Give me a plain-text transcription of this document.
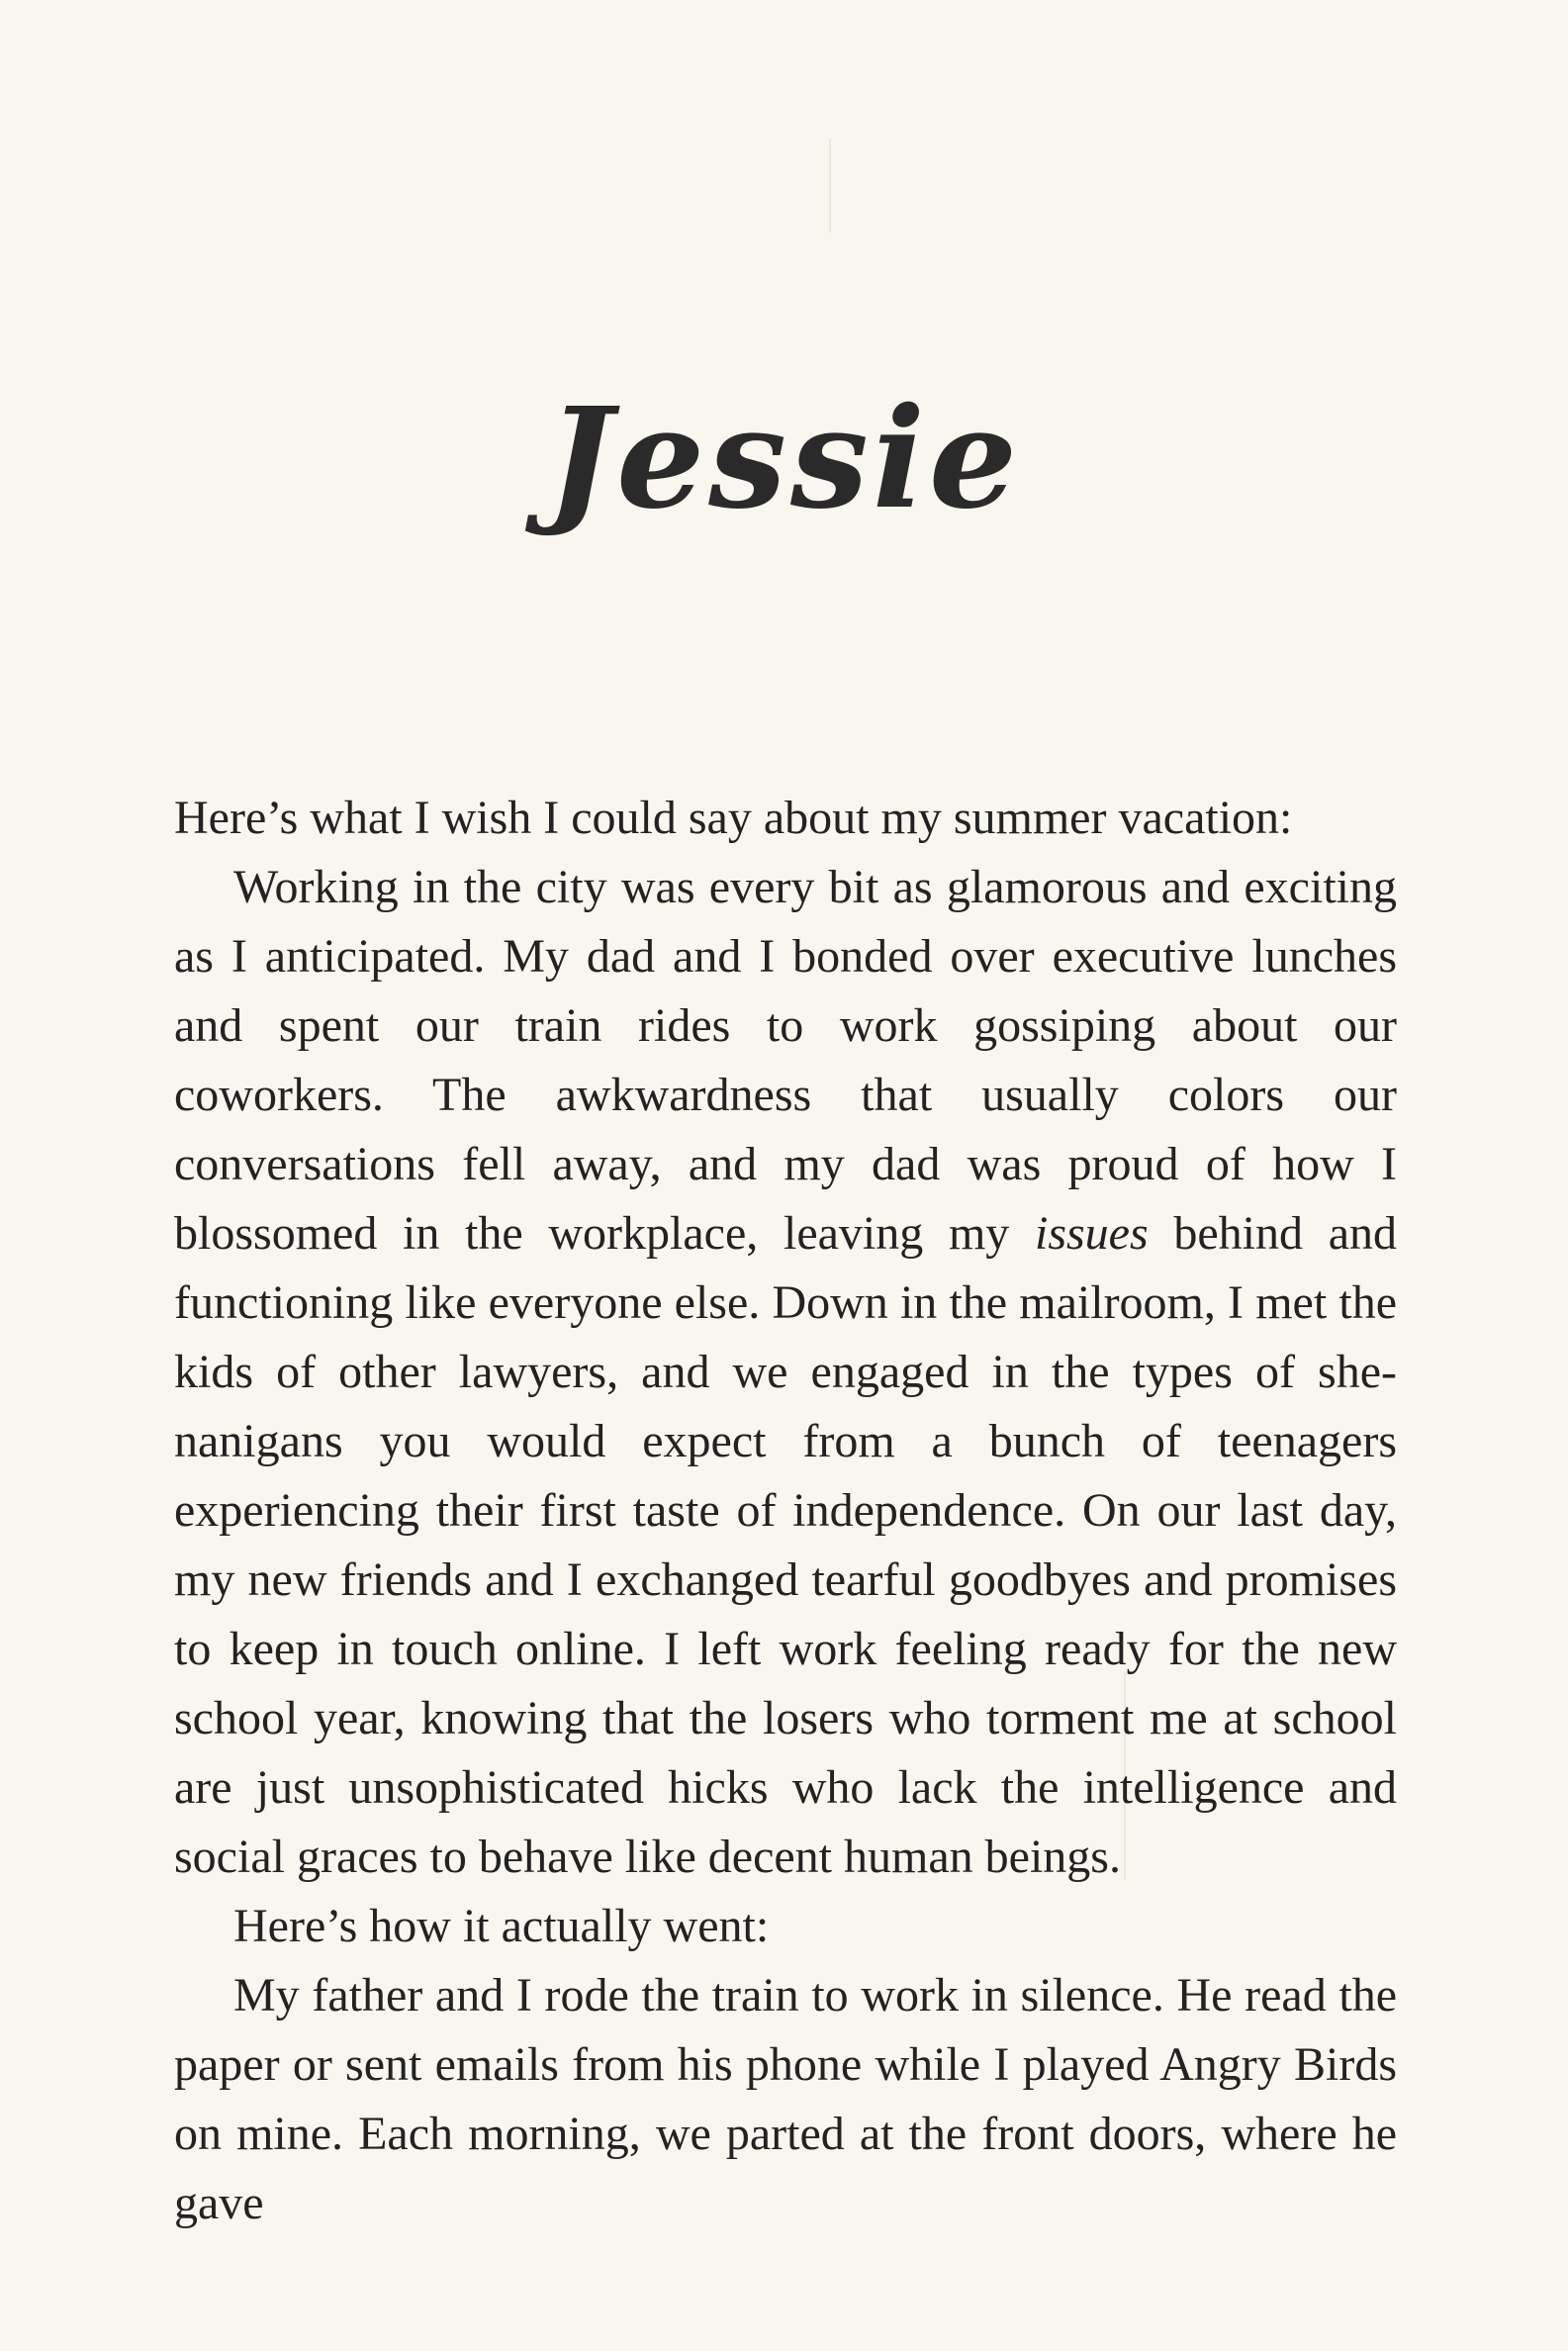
Jessie

Here’s what I wish I could say about my summer vacation:

Working in the city was every bit as glamorous and exciting as I anticipated. My dad and I bonded over executive lunches and spent our train rides to work gossiping about our coworkers. The awkwardness that usually colors our conversations fell away, and my dad was proud of how I blossomed in the workplace, leaving my issues behind and functioning like everyone else. Down in the mailroom, I met the kids of other lawyers, and we engaged in the types of shenanigans you would expect from a bunch of teenagers experiencing their first taste of independence. On our last day, my new friends and I exchanged tearful goodbyes and promises to keep in touch online. I left work feeling ready for the new school year, knowing that the losers who torment me at school are just unsophisticated hicks who lack the intelligence and social graces to behave like decent human beings.

Here’s how it actually went:

My father and I rode the train to work in silence. He read the paper or sent emails from his phone while I played Angry Birds on mine. Each morning, we parted at the front doors, where he gave
